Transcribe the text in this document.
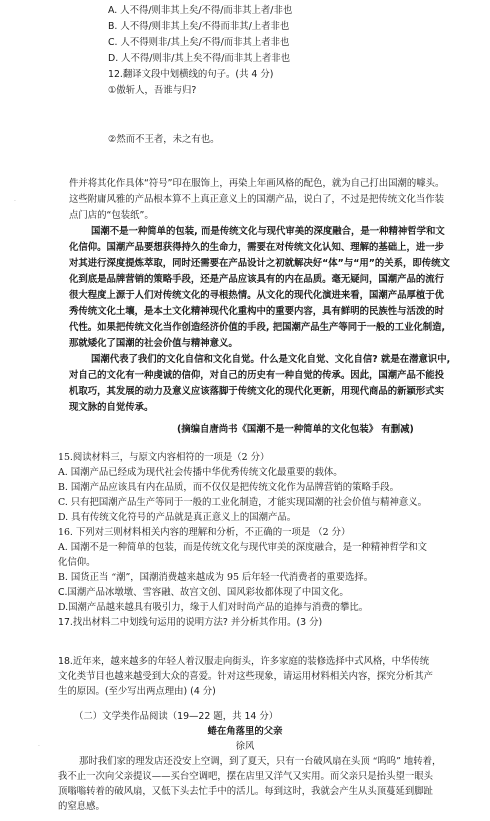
A. 人不得/则非其上矣/不得/而非其上者/非也
B. 人不得/则非其上矣/不得而非其/上者非也
C. 人不得则非/其上矣/不得/而非其上者非也
D. 人不得/则非/其上矣不得/而非其上者非也
12.翻译文段中划横线的句子。(共 4 分)
①傲斩人，吾谁与归?
②然而不王者，未之有也。
件并将其化作具体“符号”印在服饰上，再染上年画风格的配色，就为自己打出国潮的噱头。
这些附庸风雅的产品根本算不上真正意义上的国潮产品，说白了，不过是把传统文化当作装
点门店的“包装纸”。
国潮不是一种简单的包装, 而是传统文化与现代审美的深度融合，是一种精神哲学和文
化信仰。国潮产品要想获得持久的生命力，需要在对传统文化认知、理解的基础上，进一步
对其进行深度提炼萃取，同时还需要在产品设计之初就解决好“体”与“用”的关系，即传统文
化到底是品牌营销的策略手段，还是产品应该具有的内在品质。毫无疑问，国潮产品的流行
很大程度上源于人们对传统文化的寻根热情。从文化的现代化演进来看，国潮产品厚植于优
秀传统文化土壤，是本土文化精神现代化重构中的重要内容，具有鲜明的民族性与活泼的时
代性。如果把传统文化当作创造经济价值的手段, 把国潮产品生产等同于一般的工业化制造,
那就矮化了国潮的社会价值与精神意义。
国潮代表了我们的文化自信和文化自觉。什么是文化自觉、文化自信? 就是在潜意识中,
对自己的文化有一种虔诚的信仰，对自己的历史有一种自觉的传承。因此，国潮产品不能投
机取巧，其发展的动力及意义应该落脚于传统文化的现代化更新，用现代商品的新颖形式实
现文脉的自觉传承。
(摘编自唐尚书《国潮不是一种简单的文化包装》 有删减)
15.阅读材料三，与原文内容相符的一项是（2 分）
A. 国潮产品已经成为现代社会传播中华优秀传统文化最重要的载体。
B. 国潮产品应该具有内在品质，而不仅仅是把传统文化作为品牌营销的策略手段。
C. 只有把国潮产品生产等同于一般的工业化制造，才能实现国潮的社会价值与精神意义。
D. 具有传统文化符号的产品就是真正意义上的国潮产品。
16. 下列对三则材料相关内容的理解和分析，不正确的一项是 （2 分）
A. 国潮不是一种简单的包装，而是传统文化与现代审美的深度融合，是一种精神哲学和文
化信仰。
B. 国货正当 “潮”，国潮消费越来越成为 95 后年轻一代消费者的重要选择。
C.国潮产品冰墩墩、雪容融、故宫文创、国风彩妆都体现了中国文化。
D.国潮产品越来越具有吸引力，缘于人们对时尚产品的追捧与消费的攀比。
17.找出材料二中划线句运用的说明方法? 并分析其作用。(3 分)
18.近年来，越来越多的年轻人着汉服走向街头，许多家庭的装修选择中式风格，中华传统
文化类节目也越来越受到大众的喜爱。针对这些现象，请运用材料相关内容，探究分析其产
生的原因。(至少写出两点理由) (4 分)
（二）文学类作品阅读（19—22 题，共 14 分）
蜷在角落里的父亲
徐风
那时我们家的理发店还没安上空调，到了夏天，只有一台破风扇在头顶 “呜呜” 地转着，
我不止一次向父亲提议——买台空调吧，摆在店里又洋气又实用。而父亲只是抬头望一眼头
顶嗡嗡转着的破风扇，又低下头去忙手中的活儿。每到这时，我就会产生从头顶蔓延到脚趾
的窒息感。
·
·
